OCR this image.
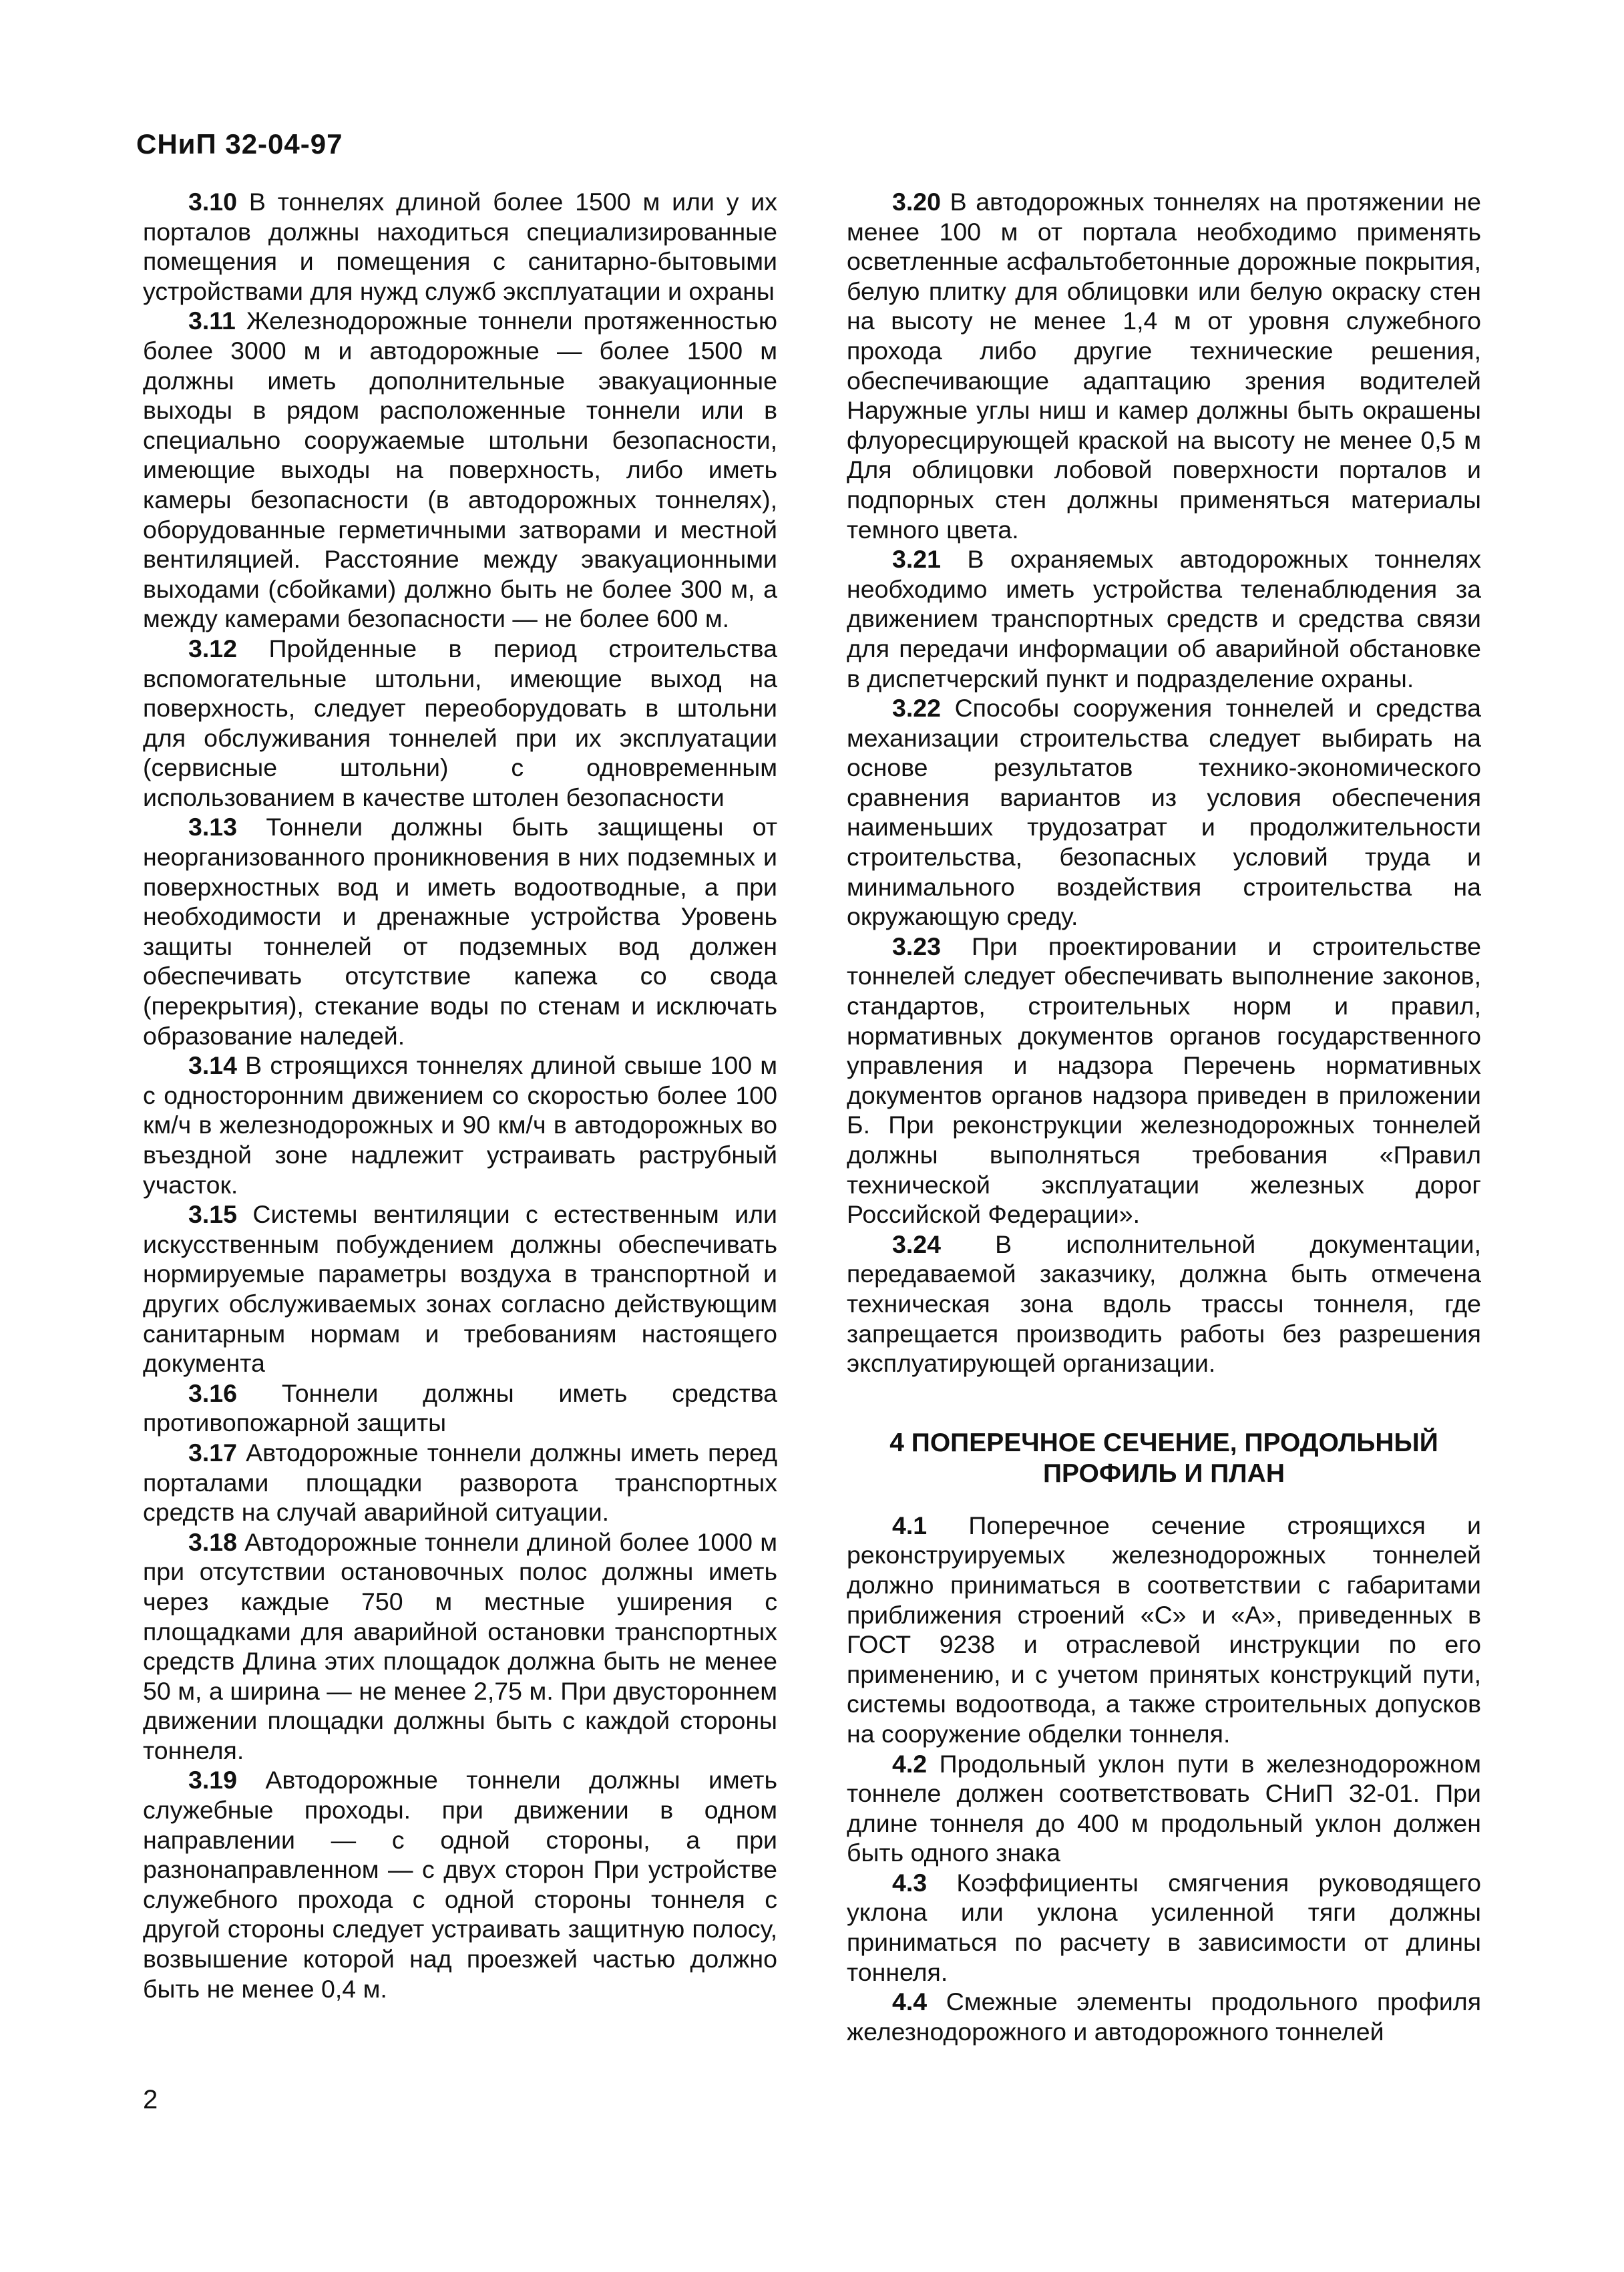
СНиП 32-04-97

3.10 В тоннелях длиной более 1500 м или у их порталов должны находиться специализированные помещения и помещения с санитарно-бытовыми устройствами для нужд служб эксплуатации и охраны

3.11 Железнодорожные тоннели протяженностью более 3000 м и автодорожные — более 1500 м должны иметь дополнительные эвакуационные выходы в рядом расположенные тоннели или в специально сооружаемые штольни безопасности, имеющие выходы на поверхность, либо иметь камеры безопасности (в автодорожных тоннелях), оборудованные герметичными затворами и местной вентиляцией. Расстояние между эвакуационными выходами (сбойками) должно быть не более 300 м, а между камерами безопасности — не более 600 м.

3.12 Пройденные в период строительства вспомогательные штольни, имеющие выход на поверхность, следует переоборудовать в штольни для обслуживания тоннелей при их эксплуатации (сервисные штольни) с одновременным использованием в качестве штолен безопасности

3.13 Тоннели должны быть защищены от неорганизованного проникновения в них подземных и поверхностных вод и иметь водоотводные, а при необходимости и дренажные устройства Уровень защиты тоннелей от подземных вод должен обеспечивать отсутствие капежа со свода (перекрытия), стекание воды по стенам и исключать образование наледей.

3.14 В строящихся тоннелях длиной свыше 100 м с односторонним движением со скоростью более 100 км/ч в железнодорожных и 90 км/ч в автодорожных во въездной зоне надлежит устраивать раструбный участок.

3.15 Системы вентиляции с естественным или искусственным побуждением должны обеспечивать нормируемые параметры воздуха в транспортной и других обслуживаемых зонах согласно действующим санитарным нормам и требованиям настоящего документа

3.16 Тоннели должны иметь средства противопожарной защиты

3.17 Автодорожные тоннели должны иметь перед порталами площадки разворота транспортных средств на случай аварийной ситуации.

3.18 Автодорожные тоннели длиной более 1000 м при отсутствии остановочных полос должны иметь через каждые 750 м местные уширения с площадками для аварийной остановки транспортных средств Длина этих площадок должна быть не менее 50 м, а ширина — не менее 2,75 м. При двустороннем движении площадки должны быть с каждой стороны тоннеля.

3.19 Автодорожные тоннели должны иметь служебные проходы. при движении в одном направлении — с одной стороны, а при разнонаправленном — с двух сторон При устройстве служебного прохода с одной стороны тоннеля с другой стороны следует устраивать защитную полосу, возвышение которой над проезжей частью должно быть не менее 0,4 м.

3.20 В автодорожных тоннелях на протяжении не менее 100 м от портала необходимо применять осветленные асфальтобетонные дорожные покрытия, белую плитку для облицовки или белую окраску стен на высоту не менее 1,4 м от уровня служебного прохода либо другие технические решения, обеспечивающие адаптацию зрения водителей Наружные углы ниш и камер должны быть окрашены флуоресцирующей краской на высоту не менее 0,5 м Для облицовки лобовой поверхности порталов и подпорных стен должны применяться материалы темного цвета.

3.21 В охраняемых автодорожных тоннелях необходимо иметь устройства теленаблюдения за движением транспортных средств и средства связи для передачи информации об аварийной обстановке в диспетчерский пункт и подразделение охраны.

3.22 Способы сооружения тоннелей и средства механизации строительства следует выбирать на основе результатов технико-экономического сравнения вариантов из условия обеспечения наименьших трудозатрат и продолжительности строительства, безопасных условий труда и минимального воздействия строительства на окружающую среду.

3.23 При проектировании и строительстве тоннелей следует обеспечивать выполнение законов, стандартов, строительных норм и правил, нормативных документов органов государственного управления и надзора Перечень нормативных документов органов надзора приведен в приложении Б. При реконструкции железнодорожных тоннелей должны выполняться требования «Правил технической эксплуатации железных дорог Российской Федерации».

3.24 В исполнительной документации, передаваемой заказчику, должна быть отмечена техническая зона вдоль трассы тоннеля, где запрещается производить работы без разрешения эксплуатирующей организации.

4 ПОПЕРЕЧНОЕ СЕЧЕНИЕ, ПРОДОЛЬНЫЙ
ПРОФИЛЬ И ПЛАН

4.1 Поперечное сечение строящихся и реконструируемых железнодорожных тоннелей должно приниматься в соответствии с габаритами приближения строений «С» и «А», приведенных в ГОСТ 9238 и отраслевой инструкции по его применению, и с учетом принятых конструкций пути, системы водоотвода, а также строительных допусков на сооружение обделки тоннеля.

4.2 Продольный уклон пути в железнодорожном тоннеле должен соответствовать СНиП 32-01. При длине тоннеля до 400 м продольный уклон должен быть одного знака

4.3 Коэффициенты смягчения руководящего уклона или уклона усиленной тяги должны приниматься по расчету в зависимости от длины тоннеля.

4.4 Смежные элементы продольного профиля железнодорожного и автодорожного тоннелей

2
